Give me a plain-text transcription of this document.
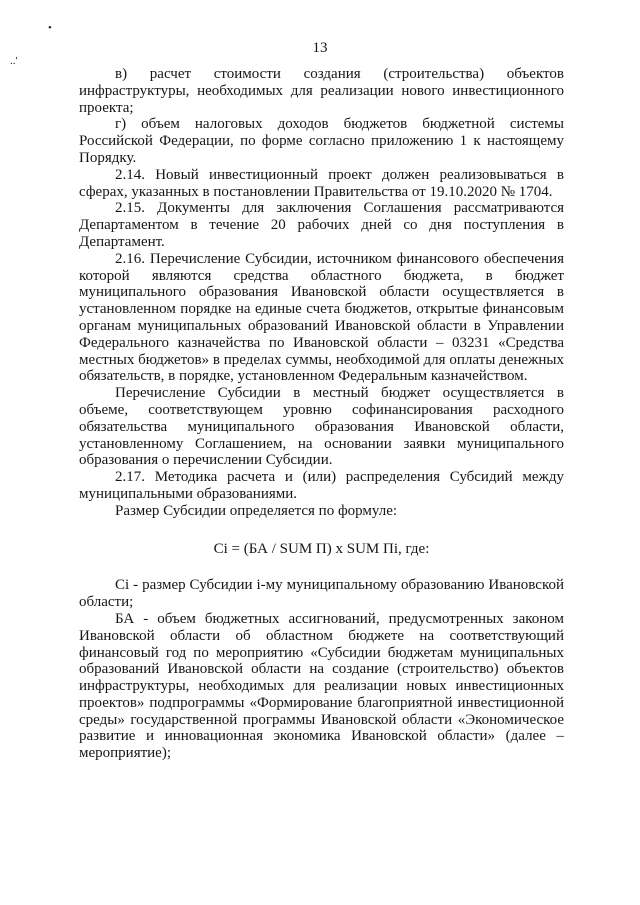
•
..'
13

в) расчет стоимости создания (строительства) объектов инфраструктуры, необходимых для реализации нового инвестиционного проекта;

г) объем налоговых доходов бюджетов бюджетной системы Российской Федерации, по форме согласно приложению 1 к настоящему Порядку.

2.14. Новый инвестиционный проект должен реализовываться в сферах, указанных в постановлении Правительства от 19.10.2020 № 1704.

2.15. Документы для заключения Соглашения рассматриваются Департаментом в течение 20 рабочих дней со дня поступления в Департамент.

2.16. Перечисление Субсидии, источником финансового обеспечения которой являются средства областного бюджета, в бюджет муниципального образования Ивановской области осуществляется в установленном порядке на единые счета бюджетов, открытые финансовым органам муниципальных образований Ивановской области в Управлении Федерального казначейства по Ивановской области – 03231 «Средства местных бюджетов» в пределах суммы, необходимой для оплаты денежных обязательств, в порядке, установленном Федеральным казначейством.

Перечисление Субсидии в местный бюджет осуществляется в объеме, соответствующем уровню софинансирования расходного обязательства муниципального образования Ивановской области, установленному Соглашением, на основании заявки муниципального образования о перечислении Субсидии.

2.17. Методика расчета и (или) распределения Субсидий между муниципальными образованиями.

Размер Субсидии определяется по формуле:

Ci = (БА / SUM П) x SUM Пi, где:

Ci - размер Субсидии i-му муниципальному образованию Ивановской области;

БА - объем бюджетных ассигнований, предусмотренных законом Ивановской области об областном бюджете на соответствующий финансовый год по мероприятию «Субсидии бюджетам муниципальных образований Ивановской области на создание (строительство) объектов инфраструктуры, необходимых для реализации новых инвестиционных проектов» подпрограммы «Формирование благоприятной инвестиционной среды» государственной программы Ивановской области «Экономическое развитие и инновационная экономика Ивановской области» (далее – мероприятие);
